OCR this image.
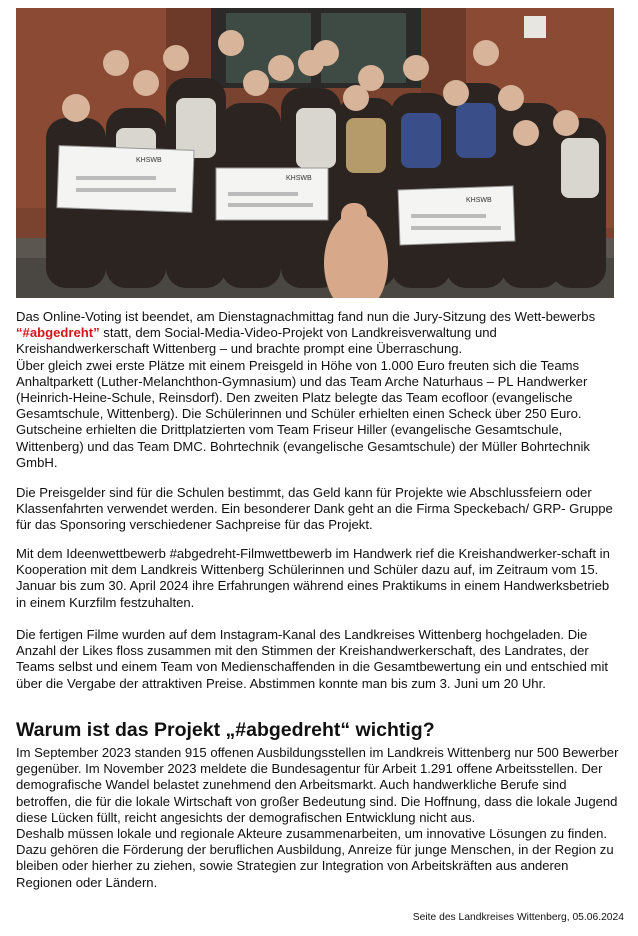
KHSWB
KHSWB
KHSWB

Das Online-Voting ist beendet, am Dienstagnachmittag fand nun die Jury-Sitzung des Wett-bewerbs “#abgedreht” statt, dem Social-Media-Video-Projekt von Landkreisverwaltung und Kreishandwerkerschaft Wittenberg – und brachte prompt eine Überraschung.

Über gleich zwei erste Plätze mit einem Preisgeld in Höhe von 1.000 Euro freuten sich die Teams Anhaltparkett (Luther-Melanchthon-Gymnasium) und das Team Arche Naturhaus – PL Handwerker (Heinrich-Heine-Schule, Reinsdorf). Den zweiten Platz belegte das Team ecofloor (evangelische Gesamtschule, Wittenberg). Die Schülerinnen und Schüler erhielten einen Scheck über 250 Euro. Gutscheine erhielten die Drittplatzierten vom Team Friseur Hiller (evangelische Gesamtschule, Wittenberg) und das Team DMC. Bohrtechnik (evangelische Gesamtschule) der Müller Bohrtechnik GmbH.

Die Preisgelder sind für die Schulen bestimmt, das Geld kann für Projekte wie Abschlussfeiern oder Klassenfahrten verwendet werden. Ein besonderer Dank geht an die Firma Speckebach/ GRP- Gruppe für das Sponsoring verschiedener Sachpreise für das Projekt.
Mit dem Ideenwettbewerb #abgedreht-Filmwettbewerb im Handwerk rief die Kreishandwerker-schaft in Kooperation mit dem Landkreis Wittenberg Schülerinnen und Schüler dazu auf, im Zeitraum vom 15. Januar bis zum 30. April 2024 ihre Erfahrungen während eines Praktikums in einem Handwerksbetrieb in einem Kurzfilm festzuhalten.
Die fertigen Filme wurden auf dem Instagram-Kanal des Landkreises Wittenberg hochgeladen. Die Anzahl der Likes floss zusammen mit den Stimmen der Kreishandwerkerschaft, des Landrates, der Teams selbst und einem Team von Medienschaffenden in die Gesamtbewertung ein und entschied mit über die Vergabe der attraktiven Preise. Abstimmen konnte man bis zum 3. Juni um 20 Uhr.
Warum ist das Projekt „#abgedreht“ wichtig?

Im September 2023 standen 915 offenen Ausbildungsstellen im Landkreis Wittenberg nur 500 Bewerber gegenüber. Im November 2023 meldete die Bundesagentur für Arbeit 1.291 offene Arbeitsstellen. Der demografische Wandel belastet zunehmend den Arbeitsmarkt. Auch handwerkliche Berufe sind betroffen, die für die lokale Wirtschaft von großer Bedeutung sind. Die Hoffnung, dass die lokale Jugend diese Lücken füllt, reicht angesichts der demografischen Entwicklung nicht aus.

Deshalb müssen lokale und regionale Akteure zusammenarbeiten, um innovative Lösungen zu finden. Dazu gehören die Förderung der beruflichen Ausbildung, Anreize für junge Menschen, in der Region zu bleiben oder hierher zu ziehen, sowie Strategien zur Integration von Arbeitskräften aus anderen Regionen oder Ländern.

Seite des Landkreises Wittenberg, 05.06.2024
